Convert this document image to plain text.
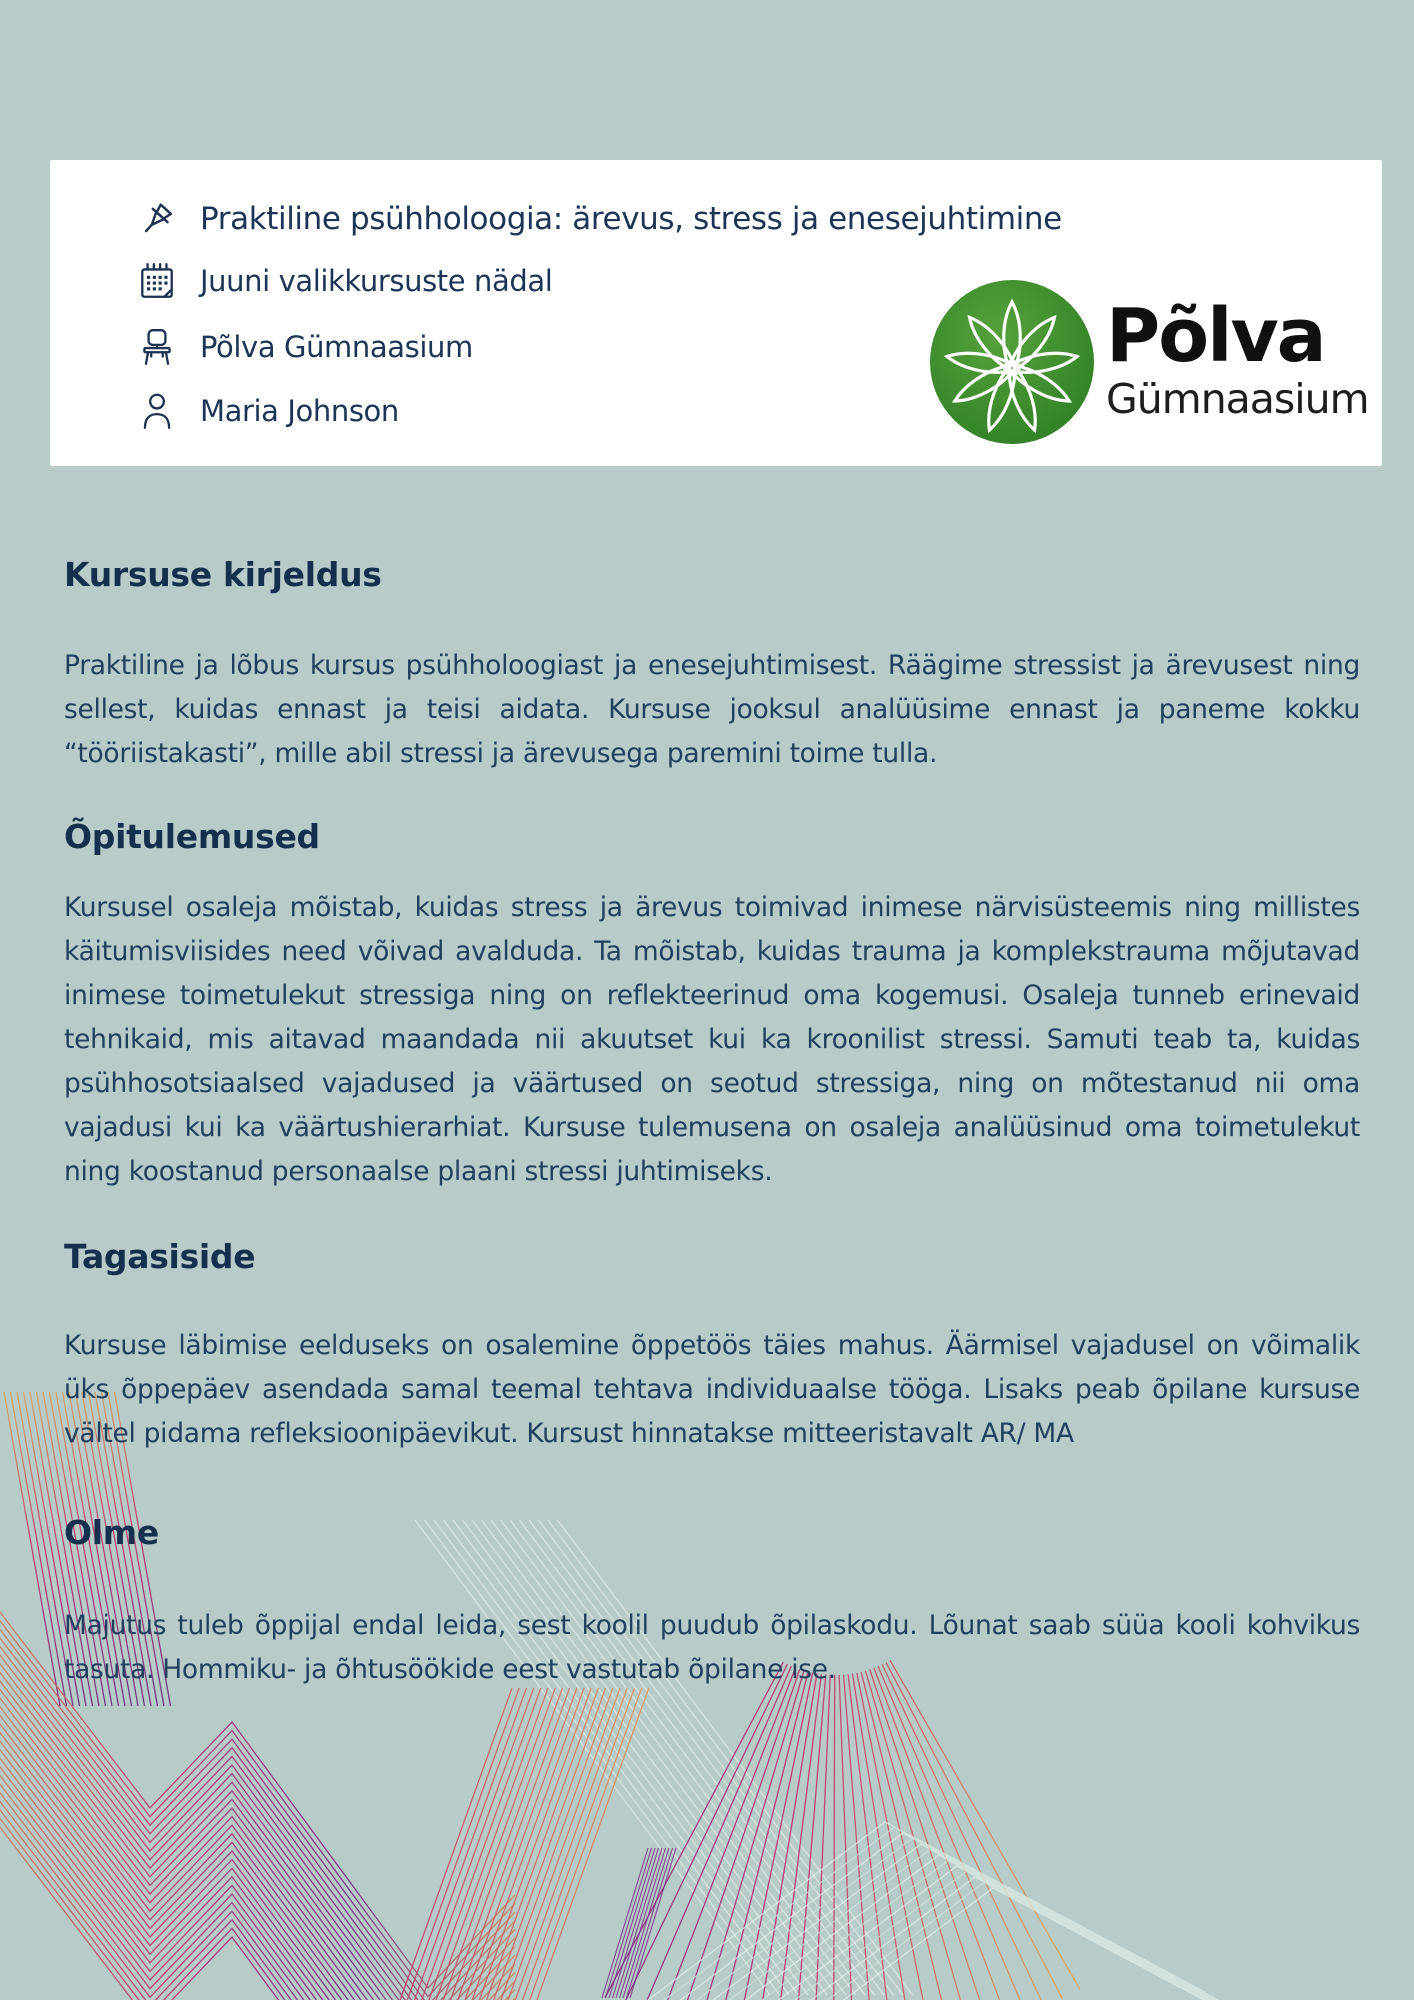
Praktiline psühholoogia: ärevus, stress ja enesejuhtimine
Juuni valikkursuste nädal
Põlva Gümnaasium
Maria Johnson
Põlva
Gümnaasium
Kursuse kirjeldus

Praktiline ja lõbus kursus psühholoogiast ja enesejuhtimisest. Räägime stressist ja ärevusest ning sellest, kuidas ennast ja teisi aidata. Kursuse jooksul analüüsime ennast ja paneme kokku “tööriistakasti”, mille abil stressi ja ärevusega paremini toime tulla.

Õpitulemused

Kursusel osaleja mõistab, kuidas stress ja ärevus toimivad inimese närvisüsteemis ning millistes käitumisviisides need võivad avalduda. Ta mõistab, kuidas trauma ja komplekstrauma mõjutavad inimese toimetulekut stressiga ning on reflekteerinud oma kogemusi. Osaleja tunneb erinevaid tehnikaid, mis aitavad maandada nii akuutset kui ka kroonilist stressi. Samuti teab ta, kuidas psühhosotsiaalsed vajadused ja väärtused on seotud stressiga, ning on mõtestanud nii oma vajadusi kui ka väärtushierarhiat. Kursuse tulemusena on osaleja analüüsinud oma toimetulekut ning koostanud personaalse plaani stressi juhtimiseks.

Tagasiside

Kursuse läbimise eelduseks on osalemine õppetöös täies mahus. Äärmisel vajadusel on võimalik üks õppepäev asendada samal teemal tehtava individuaalse tööga. Lisaks peab õpilane kursuse vältel pidama refleksioonipäevikut. Kursust hinnatakse mitteeristavalt AR/ MA

Olme

Majutus tuleb õppijal endal leida, sest koolil puudub õpilaskodu. Lõunat saab süüa kooli kohvikus tasuta. Hommiku- ja õhtusöökide eest vastutab õpilane ise.
